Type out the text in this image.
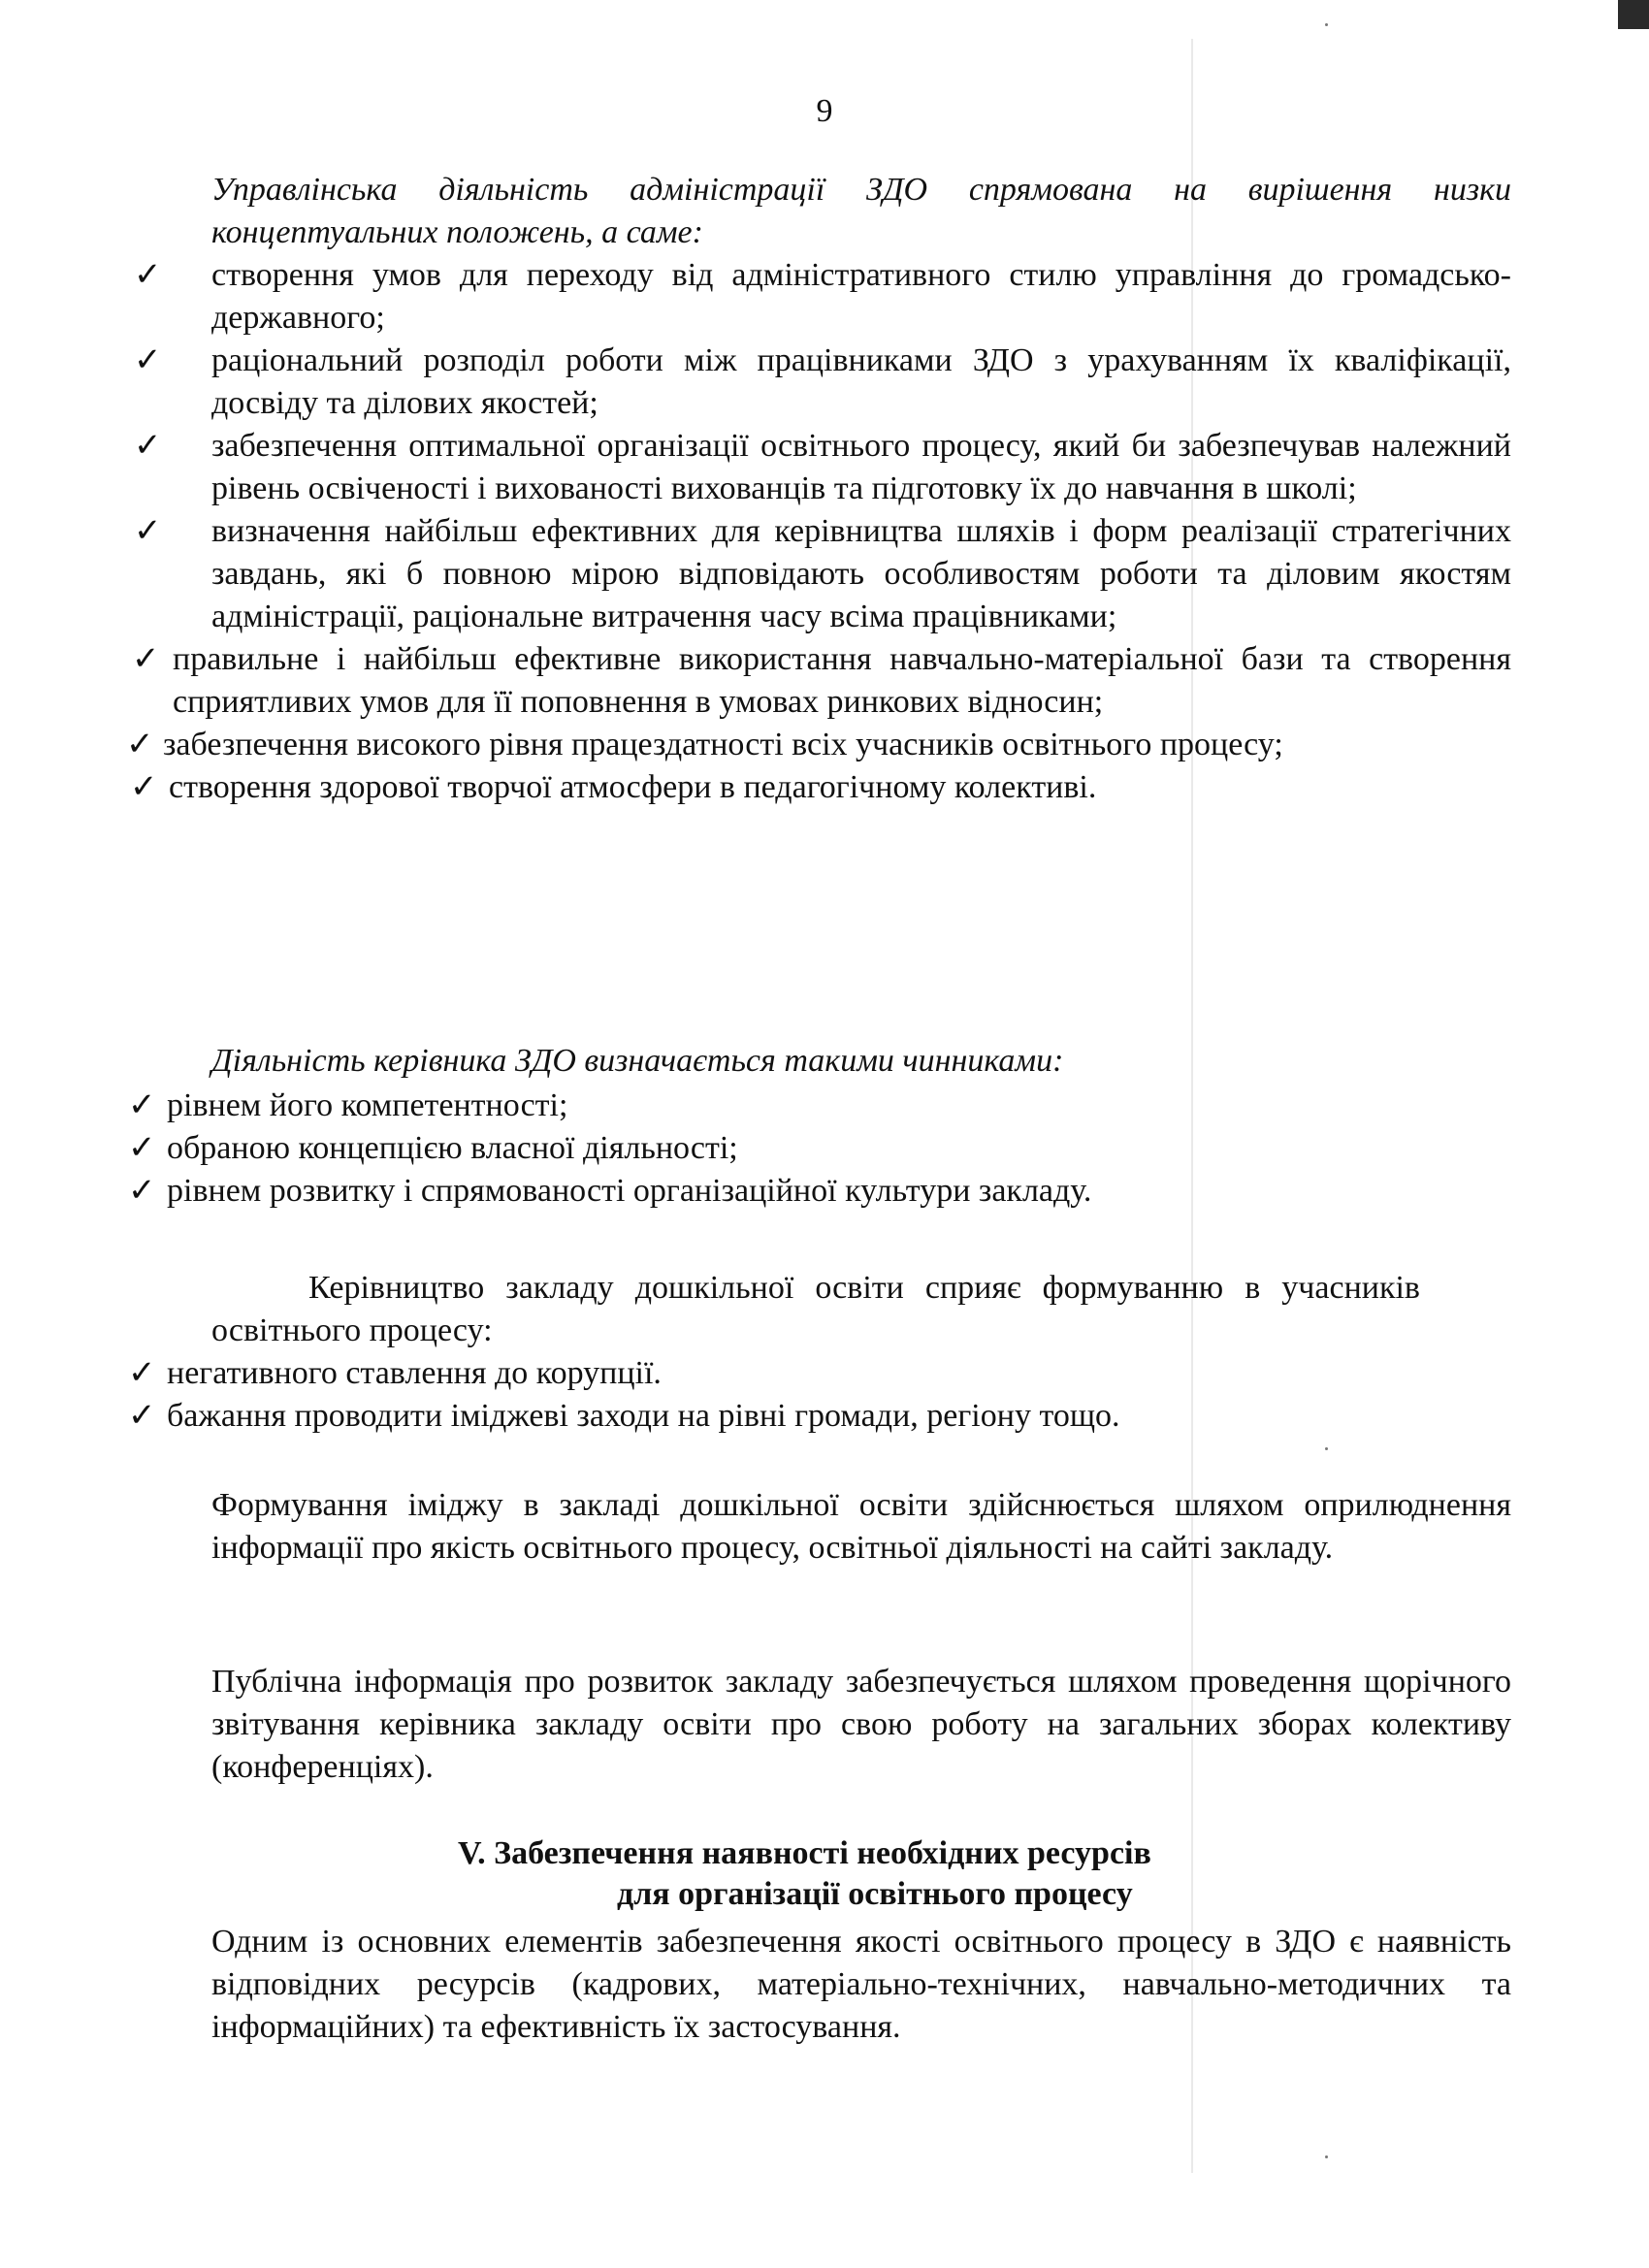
9
Управлінська діяльність адміністрації ЗДО спрямована на вирішення низки концептуальних положень, а саме:
✓ створення умов для переходу від адміністративного стилю управління до громадсько-державного;
✓ раціональний розподіл роботи між працівниками ЗДО з урахуванням їх кваліфікації, досвіду та ділових якостей;
✓ забезпечення оптимальної організації освітнього процесу, який би забезпечував належний рівень освіченості і вихованості вихованців та підготовку їх до навчання в школі;
✓ визначення найбільш ефективних для керівництва шляхів і форм реалізації стратегічних завдань, які б повною мірою відповідають особливостям роботи та діловим якостям адміністрації, раціональне витрачення часу всіма працівниками;
✓ правильне і найбільш ефективне використання навчально-матеріальної бази та створення сприятливих умов для її поповнення в умовах ринкових відносин;
✓ забезпечення високого рівня працездатності всіх учасників освітнього процесу;
✓ створення здорової творчої атмосфери в педагогічному колективі.
Діяльність керівника ЗДО визначається такими чинниками:
✓ рівнем його компетентності;
✓ обраною концепцією власної діяльності;
✓ рівнем розвитку і спрямованості організаційної культури закладу.
Керівництво закладу дошкільної освіти сприяє формуванню в учасників освітнього процесу:
✓ негативного ставлення до корупції.
✓ бажання проводити іміджеві заходи на рівні громади, регіону тощо.
Формування іміджу в закладі дошкільної освіти здійснюється шляхом оприлюднення інформації про якість освітнього процесу, освітньої діяльності на сайті закладу.
Публічна інформація про розвиток закладу забезпечується шляхом проведення щорічного звітування керівника закладу освіти про свою роботу на загальних зборах колективу (конференціях).
V. Забезпечення наявності необхідних ресурсів
для організації освітнього процесу
Одним із основних елементів забезпечення якості освітнього процесу в ЗДО є наявність відповідних ресурсів (кадрових, матеріально-технічних, навчально-методичних та інформаційних) та ефективність їх застосування.
